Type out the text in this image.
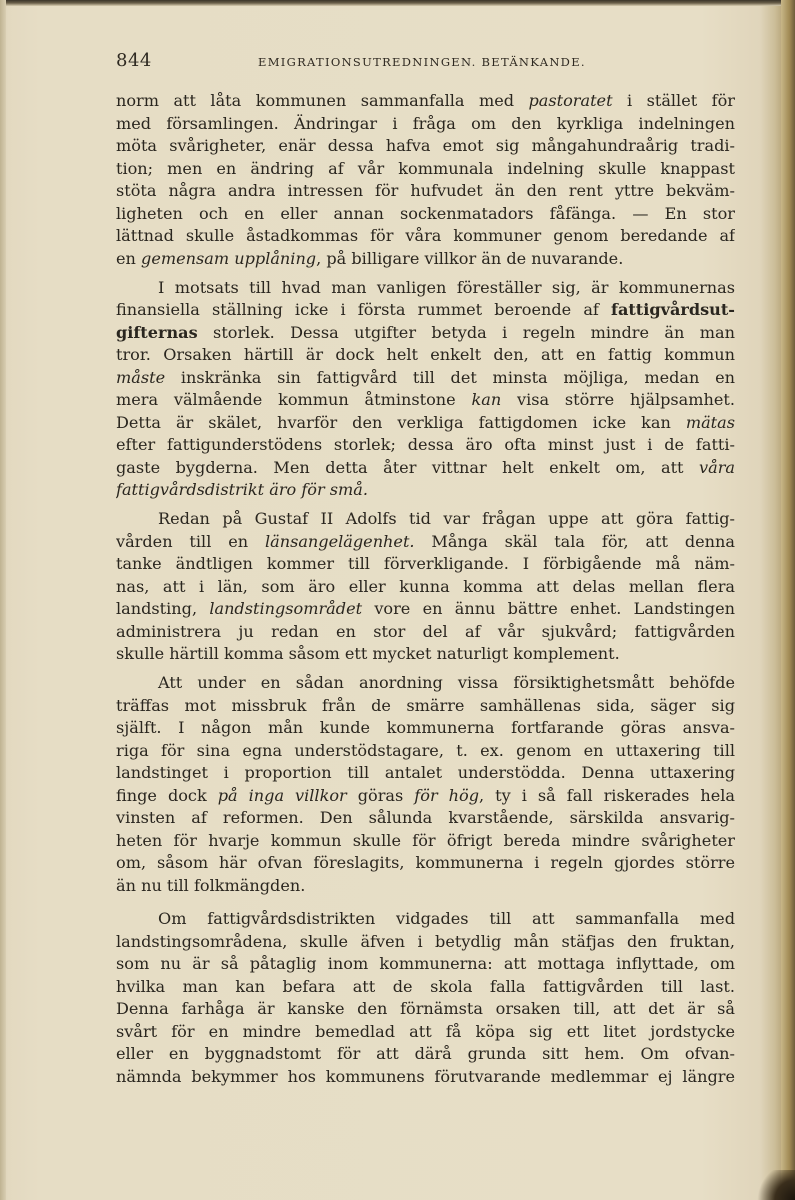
844	EMIGRATIONSUTREDNINGEN. BETÄNKANDE.
norm att låta kommunen sammanfalla med pastoratet i stället för
med församlingen. Ändringar i fråga om den kyrkliga indelningen
möta svårigheter, enär dessa hafva emot sig mångahundraårig tradi-
tion; men en ändring af vår kommunala indelning skulle knappast
stöta några andra intressen för hufvudet än den rent yttre bekväm-
ligheten och en eller annan sockenmatadors fåfänga. — En stor
lättnad skulle åstadkommas för våra kommuner genom beredande af
en gemensam upplåning, på billigare villkor än de nuvarande.
I motsats till hvad man vanligen föreställer sig, är kommunernas
finansiella ställning icke i första rummet beroende af fattigvårdsut-
gifternas storlek. Dessa utgifter betyda i regeln mindre än man
tror. Orsaken härtill är dock helt enkelt den, att en fattig kommun
måste inskränka sin fattigvård till det minsta möjliga, medan en
mera välmående kommun åtminstone kan visa större hjälpsamhet.
Detta är skälet, hvarför den verkliga fattigdomen icke kan mätas
efter fattigunderstödens storlek; dessa äro ofta minst just i de fatti-
gaste bygderna. Men detta åter vittnar helt enkelt om, att våra
fattigvårdsdistrikt äro för små.
Redan på Gustaf II Adolfs tid var frågan uppe att göra fattig-
vården till en länsangelägenhet. Många skäl tala för, att denna
tanke ändtligen kommer till förverkligande. I förbigående må näm-
nas, att i län, som äro eller kunna komma att delas mellan flera
landsting, landstingsområdet vore en ännu bättre enhet. Landstingen
administrera ju redan en stor del af vår sjukvård; fattigvården
skulle härtill komma såsom ett mycket naturligt komplement.
Att under en sådan anordning vissa försiktighetsmått behöfde
träffas mot missbruk från de smärre samhällenas sida, säger sig
själft. I någon mån kunde kommunerna fortfarande göras ansva-
riga för sina egna understödstagare, t. ex. genom en uttaxering till
landstinget i proportion till antalet understödda. Denna uttaxering
finge dock på inga villkor göras för hög, ty i så fall riskerades hela
vinsten af reformen. Den sålunda kvarstående, särskilda ansvarig-
heten för hvarje kommun skulle för öfrigt bereda mindre svårigheter
om, såsom här ofvan föreslagits, kommunerna i regeln gjordes större
än nu till folkmängden.
Om fattigvårdsdistrikten vidgades till att sammanfalla med
landstingsområdena, skulle äfven i betydlig mån stäfjas den fruktan,
som nu är så påtaglig inom kommunerna: att mottaga inflyttade, om
hvilka man kan befara att de skola falla fattigvården till last.
Denna farhåga är kanske den förnämsta orsaken till, att det är så
svårt för en mindre bemedlad att få köpa sig ett litet jordstycke
eller en byggnadstomt för att därå grunda sitt hem. Om ofvan-
nämnda bekymmer hos kommunens förutvarande medlemmar ej längre
